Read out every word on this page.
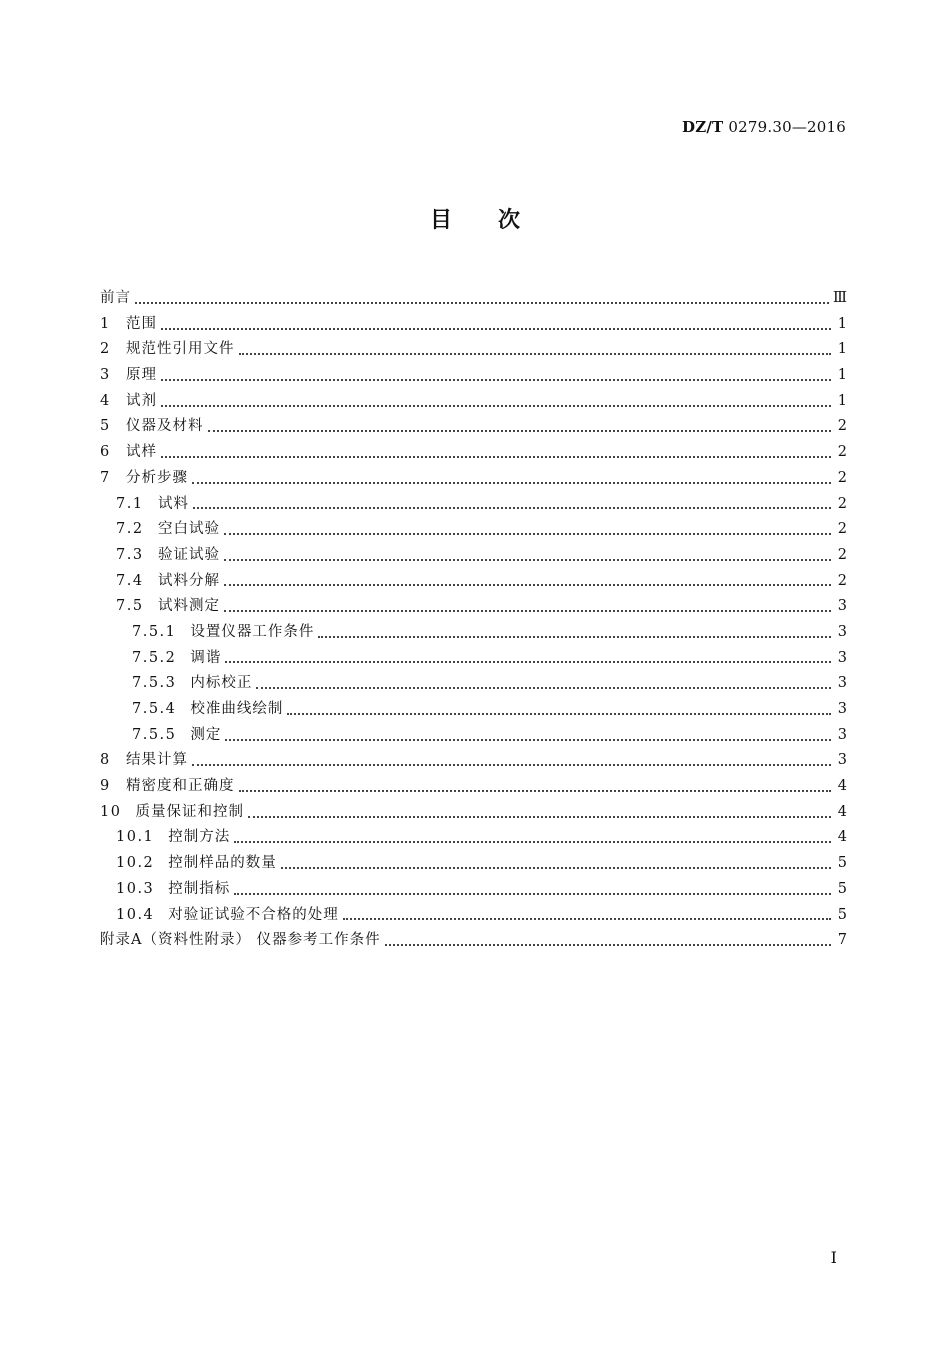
DZ/T 0279.30—2016
目次
前言	Ⅲ
1 范围	1
2 规范性引用文件	1
3 原理	1
4 试剂	1
5 仪器及材料	2
6 试样	2
7 分析步骤	2
7.1 试料	2
7.2 空白试验	2
7.3 验证试验	2
7.4 试料分解	2
7.5 试料测定	3
7.5.1 设置仪器工作条件	3
7.5.2 调谐	3
7.5.3 内标校正	3
7.5.4 校准曲线绘制	3
7.5.5 测定	3
8 结果计算	3
9 精密度和正确度	4
10 质量保证和控制	4
10.1 控制方法	4
10.2 控制样品的数量	5
10.3 控制指标	5
10.4 对验证试验不合格的处理	5
附录A（资料性附录） 仪器参考工作条件	7
I
